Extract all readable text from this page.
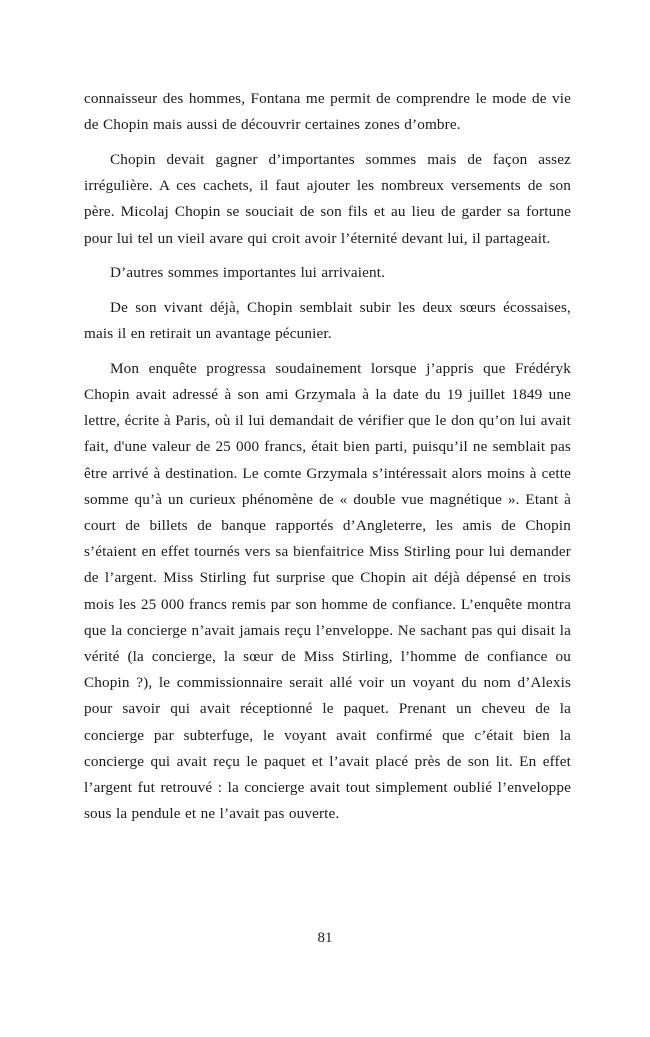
connaisseur des hommes, Fontana me permit de comprendre le mode de vie de Chopin mais aussi de découvrir certaines zones d’ombre.

Chopin devait gagner d’importantes sommes mais de façon assez irrégulière. A ces cachets, il faut ajouter les nombreux versements de son père. Micolaj Chopin se souciait de son fils et au lieu de garder sa fortune pour lui tel un vieil avare qui croit avoir l’éternité devant lui, il partageait.

D’autres sommes importantes lui arrivaient.

De son vivant déjà, Chopin semblait subir les deux sœurs écossaises, mais il en retirait un avantage pécunier.

Mon enquête progressa soudainement lorsque j’appris que Frédéryk Chopin avait adressé à son ami Grzymala à la date du 19 juillet 1849 une lettre, écrite à Paris, où il lui demandait de vérifier que le don qu’on lui avait fait, d'une valeur de 25 000 francs, était bien parti, puisqu’il ne semblait pas être arrivé à destination. Le comte Grzymala s’intéressait alors moins à cette somme qu’à un curieux phénomène de « double vue magnétique ». Etant à court de billets de banque rapportés d’Angleterre, les amis de Chopin s’étaient en effet tournés vers sa bienfaitrice Miss Stirling pour lui demander de l’argent. Miss Stirling fut surprise que Chopin ait déjà dépensé en trois mois les 25 000 francs remis par son homme de confiance. L’enquête montra que la concierge n’avait jamais reçu l’enveloppe. Ne sachant pas qui disait la vérité (la concierge, la sœur de Miss Stirling, l’homme de confiance ou Chopin ?), le commissionnaire serait allé voir un voyant du nom d’Alexis pour savoir qui avait réceptionné le paquet. Prenant un cheveu de la concierge par subterfuge, le voyant avait confirmé que c’était bien la concierge qui avait reçu le paquet et l’avait placé près de son lit. En effet l’argent fut retrouvé : la concierge avait tout simplement oublié l’enveloppe sous la pendule et ne l’avait pas ouverte.

81
